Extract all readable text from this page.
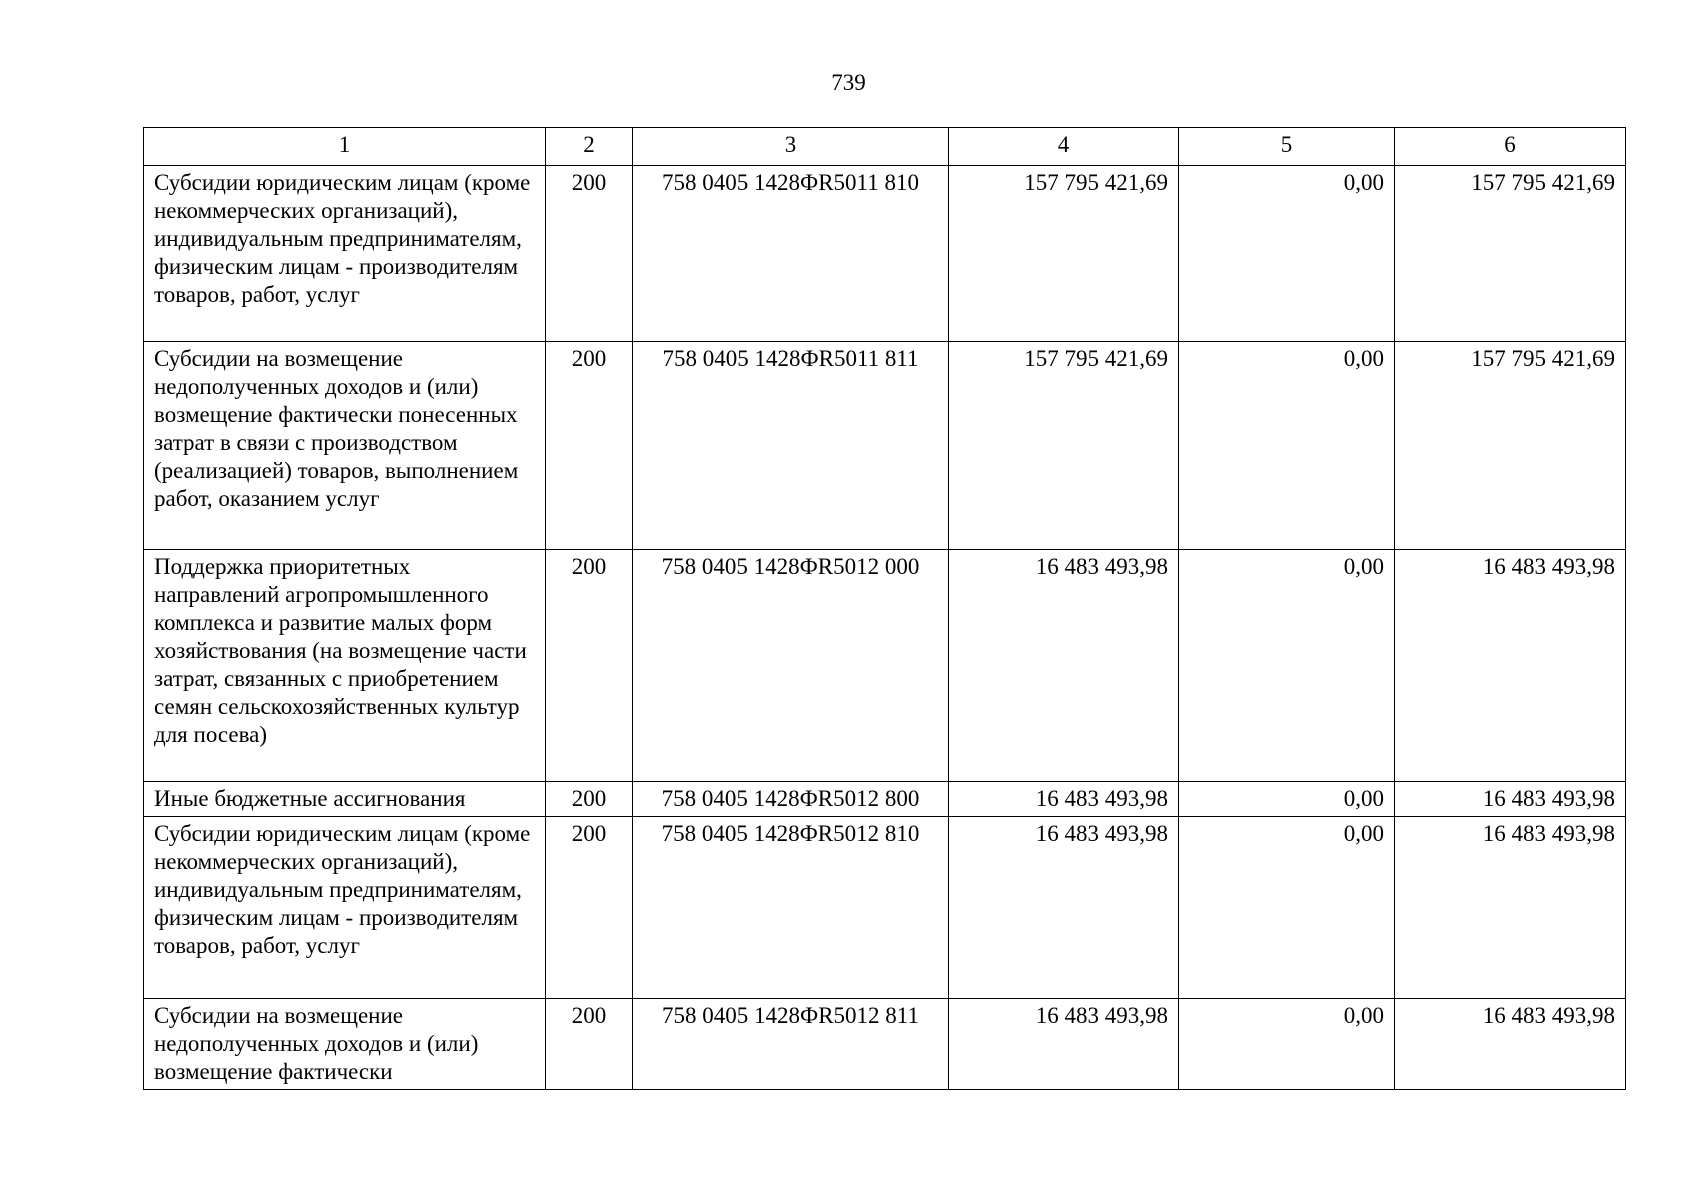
739
1	2	3	4	5	6
Субсидии юридическим лицам (кроме некоммерческих организаций), индивидуальным предпринимателям, физическим лицам - производителям товаров, работ, услуг	200	758 0405 1428ФR5011 810	157 795 421,69	0,00	157 795 421,69
Субсидии на возмещение недополученных доходов и (или) возмещение фактически понесенных затрат в связи с производством (реализацией) товаров, выполнением работ, оказанием услуг	200	758 0405 1428ФR5011 811	157 795 421,69	0,00	157 795 421,69
Поддержка приоритетных направлений агропромышленного комплекса и развитие малых форм хозяйствования (на возмещение части затрат, связанных с приобретением семян сельскохозяйственных культур для посева)	200	758 0405 1428ФR5012 000	16 483 493,98	0,00	16 483 493,98
Иные бюджетные ассигнования	200	758 0405 1428ФR5012 800	16 483 493,98	0,00	16 483 493,98
Субсидии юридическим лицам (кроме некоммерческих организаций), индивидуальным предпринимателям, физическим лицам - производителям товаров, работ, услуг	200	758 0405 1428ФR5012 810	16 483 493,98	0,00	16 483 493,98
Субсидии на возмещение недополученных доходов и (или) возмещение фактически	200	758 0405 1428ФR5012 811	16 483 493,98	0,00	16 483 493,98
